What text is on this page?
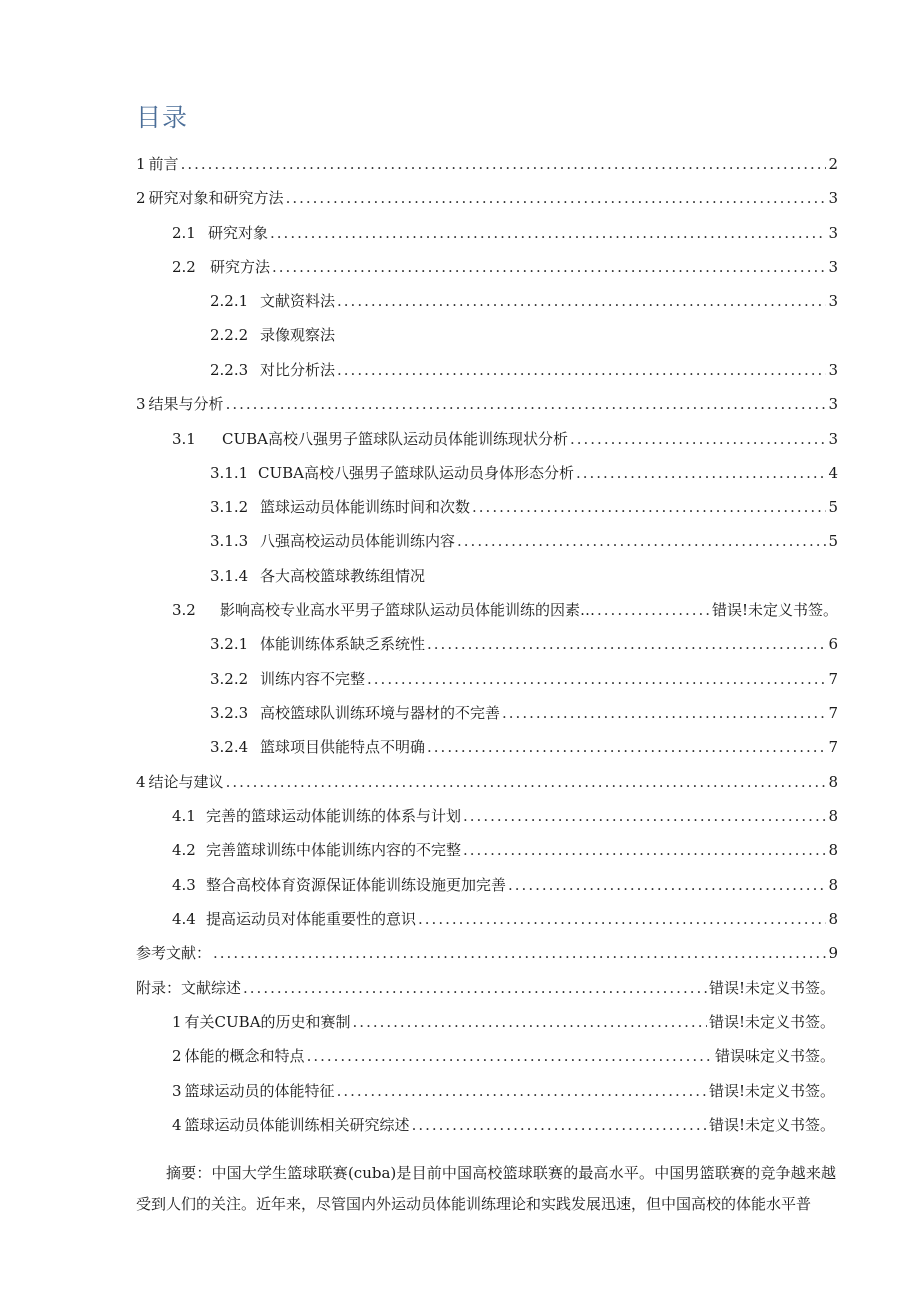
目录
1 前言 .....	2
2 研究对象和研究方法 .....	3
2.1 研究对象 .....	3
2.2 研究方法 .....	3
2.2.1 文献资料法 .....	3
2.2.2 录像观察法
2.2.3 对比分析法 .....	3
3 结果与分析 .....	3
3.1	CUBA高校八强男子篮球队运动员体能训练现状分析 .....	3
3.1.1 CUBA高校八强男子篮球队运动员身体形态分析 .....	4
3.1.2 篮球运动员体能训练时间和次数 .....	5
3.1.3 八强高校运动员体能训练内容 .....	5
3.1.4 各大高校篮球教练组情况
3.2	影响高校专业高水平男子篮球队运动员体能训练的因素… .....	错误!未定义书签。
3.2.1 体能训练体系缺乏系统性 .....	6
3.2.2 训练内容不完整 .....	7
3.2.3 高校篮球队训练环境与器材的不完善 .....	7
3.2.4 篮球项目供能特点不明确 .....	7
4 结论与建议 .....	8
4.1 完善的篮球运动体能训练的体系与计划 .....	8
4.2 完善篮球训练中体能训练内容的不完整 .....	8
4.3 整合高校体育资源保证体能训练设施更加完善 .....	8
4.4 提高运动员对体能重要性的意识 .....	8
参考文献： .....	9
附录：文献综述 .....	错误!未定义书签。
1 有关CUBA的历史和赛制 .....	错误!未定义书签。
2 体能的概念和特点 .....	错误味定义书签。
3 篮球运动员的体能特征 .....	错误!未定义书签。
4 篮球运动员体能训练相关研究综述 .....	错误!未定义书签。

摘要：中国大学生篮球联赛(cuba)是目前中国高校篮球联赛的最高水平。中国男篮联赛的竞争越来越受到人们的关注。近年来，尽管国内外运动员体能训练理论和实践发展迅速，但中国高校的体能水平普
